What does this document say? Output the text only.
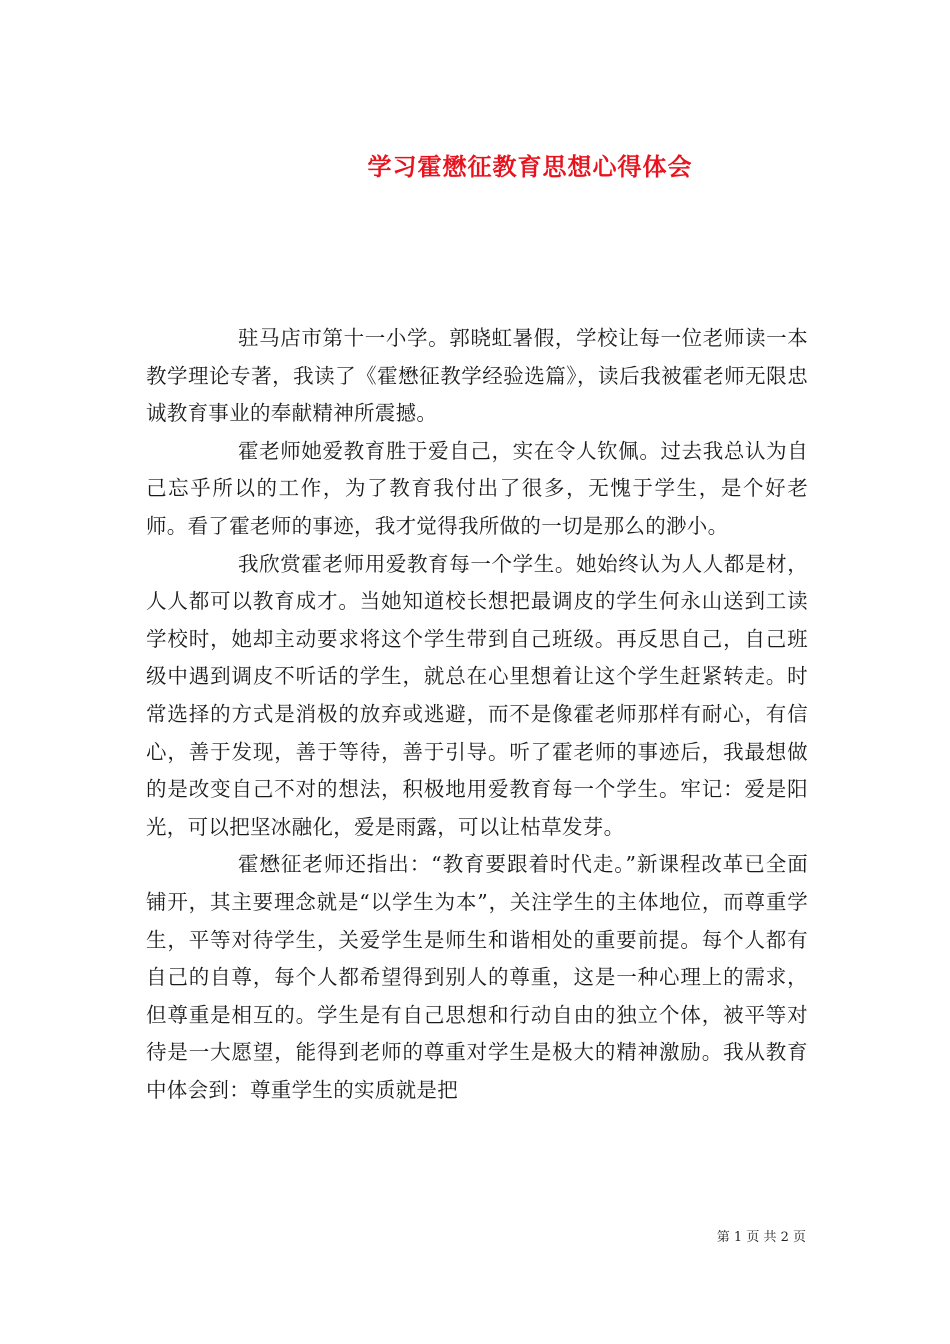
学习霍懋征教育思想心得体会

驻马店市第十一小学。郭晓虹暑假，学校让每一位老师读一本教学理论专著，我读了《霍懋征教学经验选篇》，读后我被霍老师无限忠诚教育事业的奉献精神所震撼。

霍老师她爱教育胜于爱自己，实在令人钦佩。过去我总认为自己忘乎所以的工作，为了教育我付出了很多，无愧于学生，是个好老师。看了霍老师的事迹，我才觉得我所做的一切是那么的渺小。

我欣赏霍老师用爱教育每一个学生。她始终认为人人都是材，人人都可以教育成才。当她知道校长想把最调皮的学生何永山送到工读学校时，她却主动要求将这个学生带到自己班级。再反思自己，自己班级中遇到调皮不听话的学生，就总在心里想着让这个学生赶紧转走。时常选择的方式是消极的放弃或逃避，而不是像霍老师那样有耐心，有信心，善于发现，善于等待，善于引导。听了霍老师的事迹后，我最想做的是改变自己不对的想法，积极地用爱教育每一个学生。牢记：爱是阳光，可以把坚冰融化，爱是雨露，可以让枯草发芽。

霍懋征老师还指出：“教育要跟着时代走。”新课程改革已全面铺开，其主要理念就是“以学生为本”，关注学生的主体地位，而尊重学生，平等对待学生，关爱学生是师生和谐相处的重要前提。每个人都有自己的自尊，每个人都希望得到别人的尊重，这是一种心理上的需求，但尊重是相互的。学生是有自己思想和行动自由的独立个体，被平等对待是一大愿望，能得到老师的尊重对学生是极大的精神激励。我从教育中体会到：尊重学生的实质就是把

第 1 页 共 2 页
